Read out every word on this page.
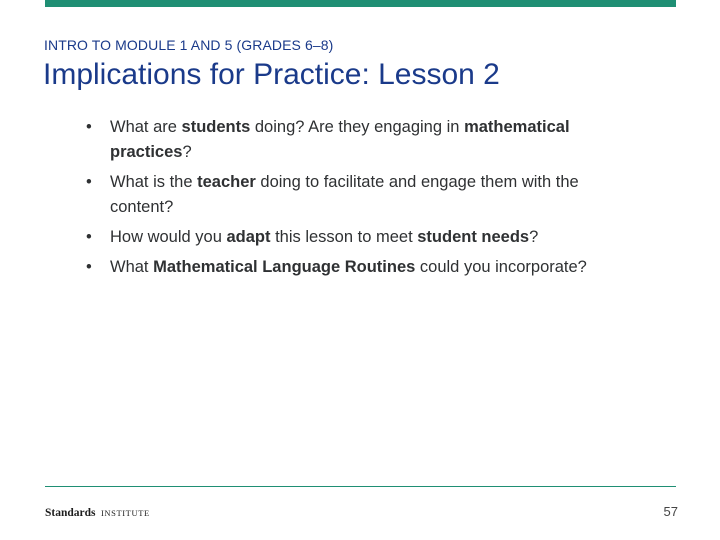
INTRO TO MODULE 1 AND 5 (GRADES 6–8)
Implications for Practice: Lesson 2
• What are students doing? Are they engaging in mathematical practices?
• What is the teacher doing to facilitate and engage them with the content?
• How would you adapt this lesson to meet student needs?
• What Mathematical Language Routines could you incorporate?
Standards INSTITUTE	57
